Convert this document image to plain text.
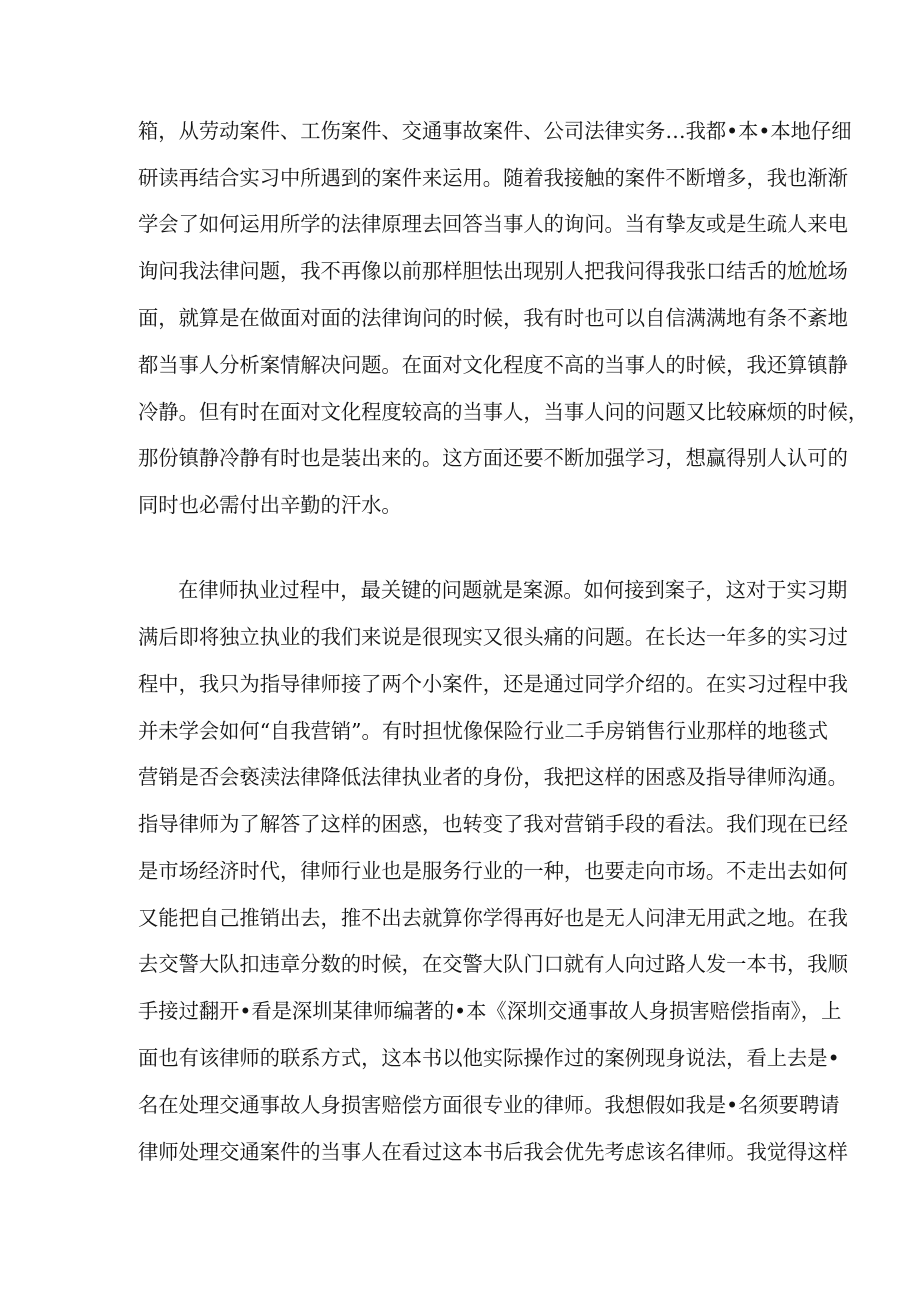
箱，从劳动案件、工伤案件、交通事故案件、公司法律实务…我都•本•本地仔细

研读再结合实习中所遇到的案件来运用。随着我接触的案件不断增多，我也渐渐

学会了如何运用所学的法律原理去回答当事人的询问。当有挚友或是生疏人来电

询问我法律问题，我不再像以前那样胆怯出现别人把我问得我张口结舌的尬尬场

面，就算是在做面对面的法律询问的时候，我有时也可以自信满满地有条不紊地

都当事人分析案情解决问题。在面对文化程度不高的当事人的时候，我还算镇静

冷静。但有时在面对文化程度较高的当事人，当事人问的问题又比较麻烦的时候，

那份镇静冷静有时也是装出来的。这方面还要不断加强学习，想赢得别人认可的

同时也必需付出辛勤的汗水。

在律师执业过程中，最关键的问题就是案源。如何接到案子，这对于实习期

满后即将独立执业的我们来说是很现实又很头痛的问题。在长达一年多的实习过

程中，我只为指导律师接了两个小案件，还是通过同学介绍的。在实习过程中我

并未学会如何“自我营销”。有时担忧像保险行业二手房销售行业那样的地毯式

营销是否会亵渎法律降低法律执业者的身份，我把这样的困惑及指导律师沟通。

指导律师为了解答了这样的困惑，也转变了我对营销手段的看法。我们现在已经

是市场经济时代，律师行业也是服务行业的一种，也要走向市场。不走出去如何

又能把自己推销出去，推不出去就算你学得再好也是无人问津无用武之地。在我

去交警大队扣违章分数的时候，在交警大队门口就有人向过路人发一本书，我顺

手接过翻开•看是深圳某律师编著的•本《深圳交通事故人身损害赔偿指南》，上

面也有该律师的联系方式，这本书以他实际操作过的案例现身说法，看上去是•

名在处理交通事故人身损害赔偿方面很专业的律师。我想假如我是•名须要聘请

律师处理交通案件的当事人在看过这本书后我会优先考虑该名律师。我觉得这样
